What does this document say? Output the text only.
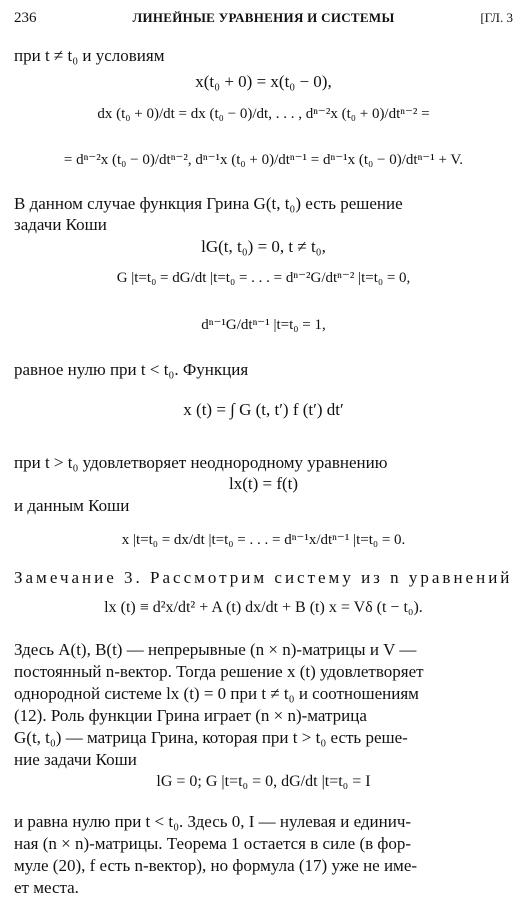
236	ЛИНЕЙНЫЕ УРАВНЕНИЯ И СИСТЕМЫ	[ГЛ. 3
при t ≠ t₀ и условиям
x(t₀ + 0) = x(t₀ − 0),
dx (t₀ + 0)/dt = dx (t₀ − 0)/dt, . . . , dⁿ⁻²x (t₀ + 0)/dtⁿ⁻² =
= dⁿ⁻²x (t₀ − 0)/dtⁿ⁻², dⁿ⁻¹x (t₀ + 0)/dtⁿ⁻¹ = dⁿ⁻¹x (t₀ − 0)/dtⁿ⁻¹ + V.
В данном случае функция Грина G(t, t₀) есть решение
задачи Коши
lG(t, t₀) = 0, t ≠ t₀,
G |t=t₀ = dG/dt |t=t₀ = . . . = dⁿ⁻²G/dtⁿ⁻² |t=t₀ = 0,
dⁿ⁻¹G/dtⁿ⁻¹ |t=t₀ = 1,
равное нулю при t < t₀. Функция
x (t) = ∫ G (t, t′) f (t′) dt′
при t > t₀ удовлетворяет неоднородному уравнению
lx(t) = f(t)
и данным Коши
x |t=t₀ = dx/dt |t=t₀ = . . . = dⁿ⁻¹x/dtⁿ⁻¹ |t=t₀ = 0.
Замечание 3. Рассмотрим систему из n уравнений
lx (t) ≡ d²x/dt² + A (t) dx/dt + B (t) x = Vδ (t − t₀).
Здесь A(t), B(t) — непрерывные (n × n)-матрицы и V —
постоянный n-вектор. Тогда решение x (t) удовлетворяет
однородной системе lx (t) = 0 при t ≠ t₀ и соотношениям
(12). Роль функции Грина играет (n × n)-матрица
G(t, t₀) — матрица Грина, которая при t > t₀ есть реше-
ние задачи Коши
lG = 0; G |t=t₀ = 0, dG/dt |t=t₀ = I
и равна нулю при t < t₀. Здесь 0, I — нулевая и единич-
ная (n × n)-матрицы. Теорема 1 остается в силе (в фор-
муле (20), f есть n-вектор), но формула (17) уже не име-
ет места.
